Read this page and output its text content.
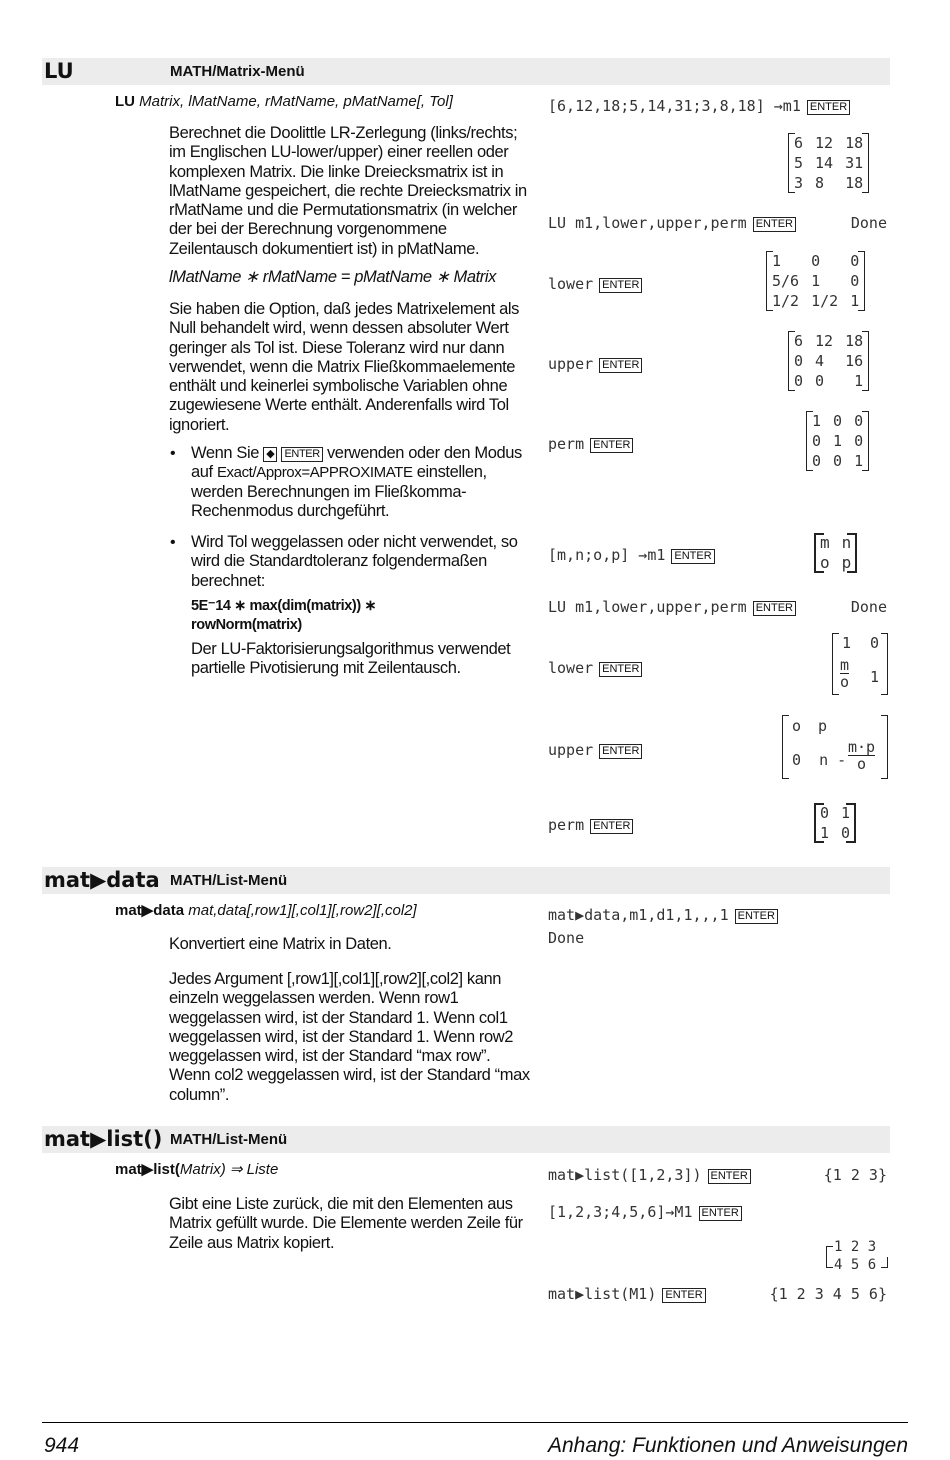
LU	MATH/Matrix-Menü
LU Matrix, lMatName, rMatName, pMatName[, Tol]
Berechnet die Doolittle LR-Zerlegung (links/rechts; im Englischen LU-lower/upper) einer reellen oder komplexen Matrix. Die linke Dreiecksmatrix ist in lMatName gespeichert, die rechte Dreiecksmatrix in rMatName und die Permutationsmatrix (in welcher der bei der Berechnung vorgenommene Zeilentausch dokumentiert ist) in pMatName.
lMatName ∗ rMatName = pMatName ∗ Matrix
Sie haben die Option, daß jedes Matrixelement als Null behandelt wird, wenn dessen absoluter Wert geringer als Tol ist. Diese Toleranz wird nur dann verwendet, wenn die Matrix Fließkommaelemente enthält und keinerlei symbolische Variablen ohne zugewiesene Werte enthält. Anderenfalls wird Tol ignoriert.
• Wenn Sie ◆ ENTER verwenden oder den Modus auf Exact/Approx=APPROXIMATE einstellen, werden Berechnungen im Fließkomma-Rechenmodus durchgeführt.
• Wird Tol weggelassen oder nicht verwendet, so wird die Standardtoleranz folgendermaßen berechnet:
5E⁻14 ∗ max(dim(matrix)) ∗
rowNorm(matrix)
Der LU-Faktorisierungsalgorithmus verwendet partielle Pivotisierung mit Zeilentausch.
[6,12,18;5,14,31;3,8,18] →m1 ENTER
6	12	18
5	14	31
3	8	18
LU m1,lower,upper,perm ENTER	Done
lower ENTER
1	0	0
5/6	1	0
1/2	1/2	1
upper ENTER
6	12	18
0	4	16
0	0	1
perm ENTER
1	0	0
0	1	0
0	0	1
[m,n;o,p] →m1 ENTER
m	n
o	p
LU m1,lower,upper,perm ENTER	Done
lower ENTER
1 0
$\frac{m}{o} 1$
upper ENTER
o p
0  n - $\frac{m\cdot p}{o}$
perm ENTER
0	1
1	0
mat▶data MATH/List-Menü
mat▶data mat,data[,row1][,col1][,row2][,col2]
Konvertiert eine Matrix in Daten.
Jedes Argument [,row1][,col1][,row2][,col2] kann einzeln weggelassen werden. Wenn row1 weggelassen wird, ist der Standard 1. Wenn col1 weggelassen wird, ist der Standard 1. Wenn row2 weggelassen wird, ist der Standard “max row”. Wenn col2 weggelassen wird, ist der Standard “max column”.
mat▶data,m1,d1,1,,,1 ENTER
Done
mat▶list() MATH/List-Menü
mat▶list(Matrix) ⇒ Liste
Gibt eine Liste zurück, die mit den Elementen aus Matrix gefüllt wurde. Die Elemente werden Zeile für Zeile aus Matrix kopiert.
mat▶list([1,2,3]) ENTER	{1 2 3}
[1,2,3;4,5,6]→M1 ENTER
1 2 3
4 5 6
mat▶list(M1) ENTER	{1 2 3 4 5 6}
944	Anhang: Funktionen und Anweisungen
